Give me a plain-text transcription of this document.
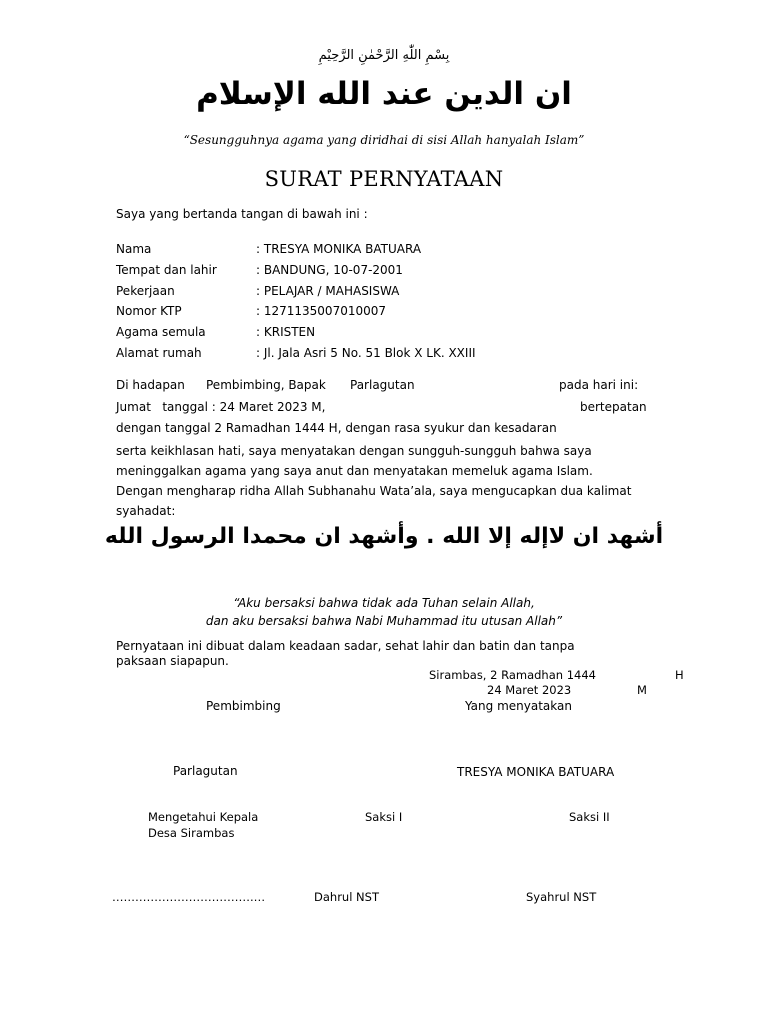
بِسْمِ اللّٰهِ الرَّحْمٰنِ الرَّحِيْمِ
ان الدين عند الله الإسلام
“Sesungguhnya agama yang diridhai di sisi Allah hanyalah Islam”
SURAT PERNYATAAN
Saya yang bertanda tangan di bawah ini :
Nama	: TRESYA MONIKA BATUARA
Tempat dan lahir	: BANDUNG, 10-07-2001
Pekerjaan	: PELAJAR / MAHASISWA
Nomor KTP	: 1271135007010007
Agama semula	: KRISTEN
Alamat rumah	: Jl. Jala Asri 5 No. 51 Blok X LK. XXIII
Di hadapan Pembimbing, Bapak Parlagutan	pada hari ini:
Jumat   tanggal : 24 Maret 2023 M,	bertepatan
dengan tanggal 2 Ramadhan 1444 H, dengan rasa syukur dan kesadaran
serta keikhlasan hati, saya menyatakan dengan sungguh-sungguh bahwa saya
meninggalkan agama yang saya anut dan menyatakan memeluk agama Islam.
Dengan mengharap ridha Allah Subhanahu Wata’ala, saya mengucapkan dua kalimat
syahadat:
أشهد ان لاإله إلا الله . وأشهد ان محمدا الرسول الله
“Aku bersaksi bahwa tidak ada Tuhan selain Allah,
dan aku bersaksi bahwa Nabi Muhammad itu utusan Allah”
Pernyataan ini dibuat dalam keadaan sadar, sehat lahir dan batin dan tanpa
paksaan siapapun.
Sirambas, 2 Ramadhan 1444	H
24 Maret 2023	M
Pembimbing	Yang menyatakan
Parlagutan	TRESYA MONIKA BATUARA
Mengetahui Kepala
Desa Sirambas
Saksi I	Saksi II
……………………………….…	Dahrul NST	Syahrul NST
